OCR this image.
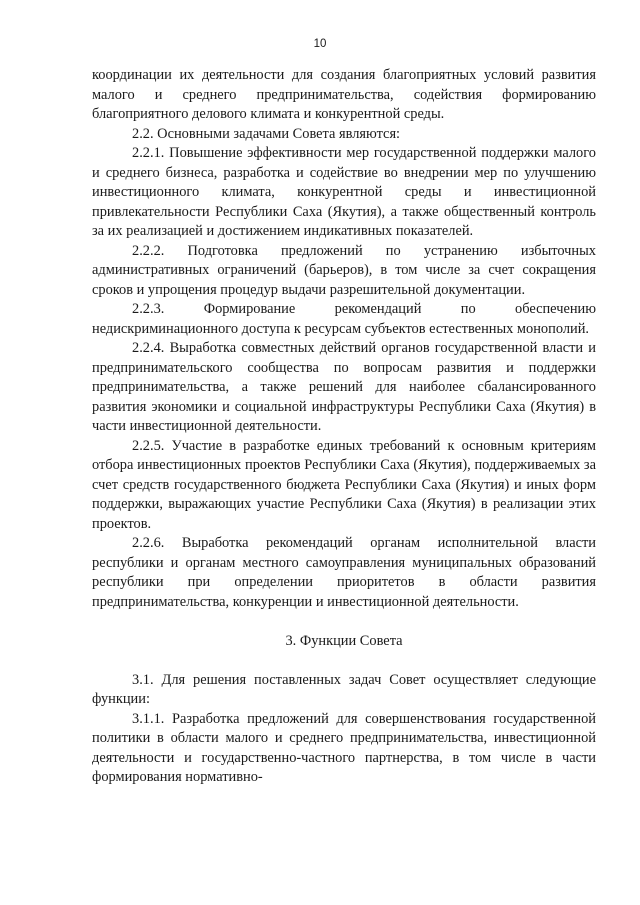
10

координации их деятельности для создания благоприятных условий развития малого и среднего предпринимательства, содействия формированию благоприятного делового климата и конкурентной среды.

2.2. Основными задачами Совета являются:

2.2.1. Повышение эффективности мер государственной поддержки малого и среднего бизнеса, разработка и содействие во внедрении мер по улучшению инвестиционного климата, конкурентной среды и инвестиционной привлекательности Республики Саха (Якутия), а также общественный контроль за их реализацией и достижением индикативных показателей.

2.2.2. Подготовка предложений по устранению избыточных административных ограничений (барьеров), в том числе за счет сокращения сроков и упрощения процедур выдачи разрешительной документации.

2.2.3. Формирование рекомендаций по обеспечению недискриминационного доступа к ресурсам субъектов естественных монополий.

2.2.4. Выработка совместных действий органов государственной власти и предпринимательского сообщества по вопросам развития и поддержки предпринимательства, а также решений для наиболее сбалансированного развития экономики и социальной инфраструктуры Республики Саха (Якутия) в части инвестиционной деятельности.

2.2.5. Участие в разработке единых требований к основным критериям отбора инвестиционных проектов Республики Саха (Якутия), поддерживаемых за счет средств государственного бюджета Республики Саха (Якутия) и иных форм поддержки, выражающих участие Республики Саха (Якутия) в реализации этих проектов.

2.2.6. Выработка рекомендаций органам исполнительной власти республики и органам местного самоуправления муниципальных образований республики при определении приоритетов в области развития предпринимательства, конкуренции и инвестиционной деятельности.

3. Функции Совета

3.1. Для решения поставленных задач Совет осуществляет следующие функции:

3.1.1. Разработка предложений для совершенствования государственной политики в области малого и среднего предпринимательства, инвестиционной деятельности и государственно-частного партнерства, в том числе в части формирования нормативно-
